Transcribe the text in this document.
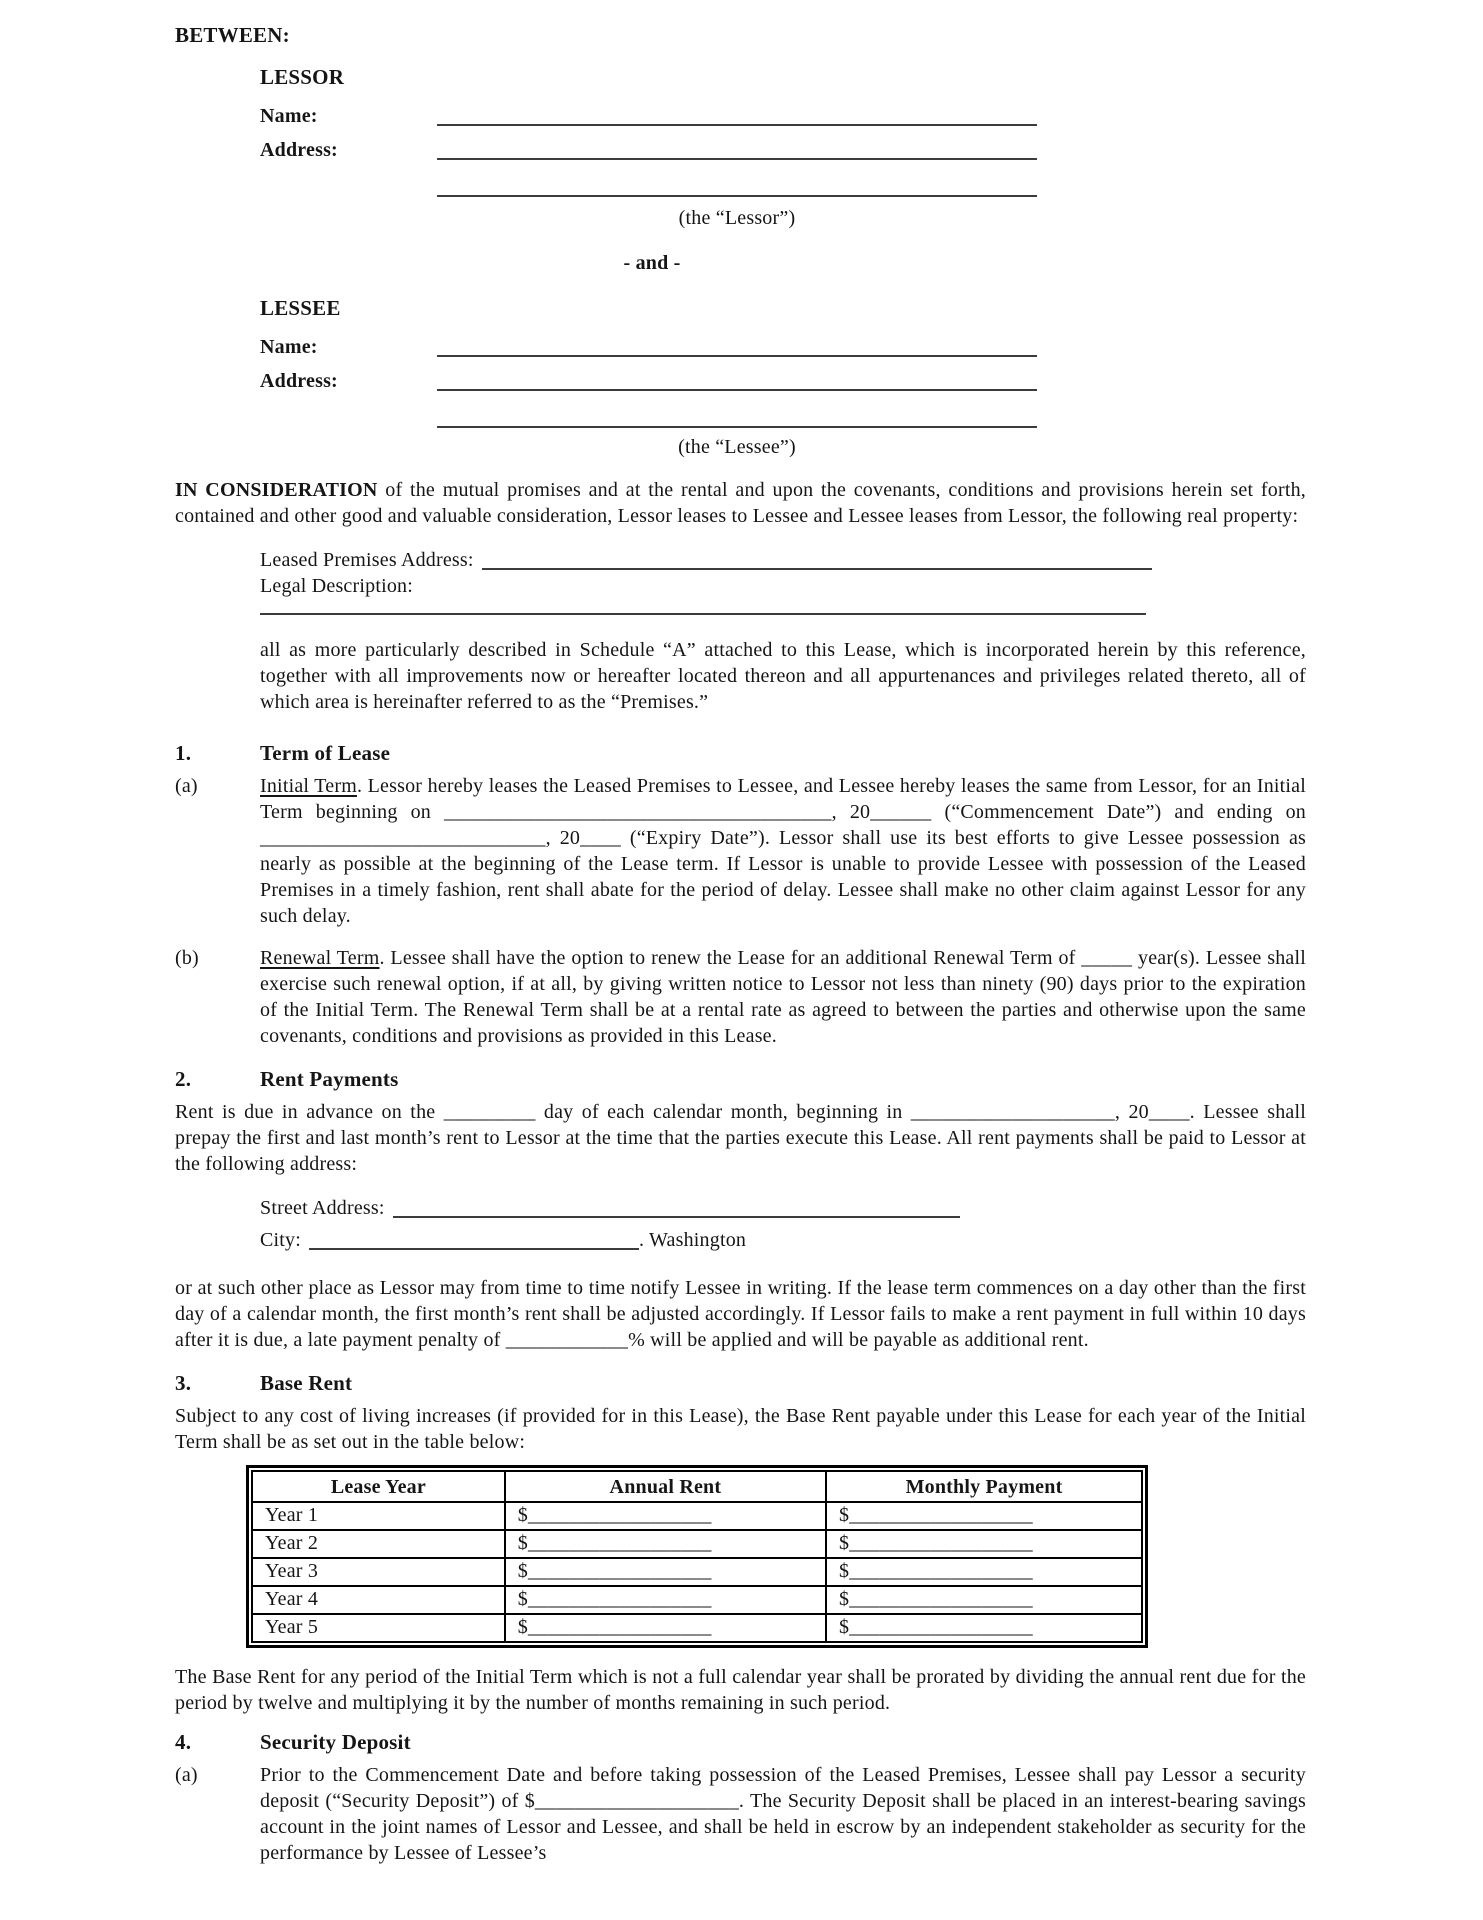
BETWEEN:
LESSOR
Name:
Address:
(the “Lessor”)
- and -
LESSEE
Name:
Address:
(the “Lessee”)

IN CONSIDERATION of the mutual promises and at the rental and upon the covenants, conditions and provisions herein set forth, contained and other good and valuable consideration, Lessor leases to Lessee and Lessee leases from Lessor, the following real property:

Leased Premises Address:
Legal Description:

all as more particularly described in Schedule “A” attached to this Lease, which is incorporated herein by this reference, together with all improvements now or hereafter located thereon and all appurtenances and privileges related thereto, all of which area is hereinafter referred to as the “Premises.”

1.	Term of Lease
(a)	Initial Term. Lessor hereby leases the Leased Premises to Lessee, and Lessee hereby leases the same from Lessor, for an Initial Term beginning on ______________________________________, 20______ (“Commencement Date”) and ending on ____________________________, 20____ (“Expiry Date”). Lessor shall use its best efforts to give Lessee possession as nearly as possible at the beginning of the Lease term. If Lessor is unable to provide Lessee with possession of the Leased Premises in a timely fashion, rent shall abate for the period of delay. Lessee shall make no other claim against Lessor for any such delay.
(b)	Renewal Term. Lessee shall have the option to renew the Lease for an additional Renewal Term of _____ year(s). Lessee shall exercise such renewal option, if at all, by giving written notice to Lessor not less than ninety (90) days prior to the expiration of the Initial Term. The Renewal Term shall be at a rental rate as agreed to between the parties and otherwise upon the same covenants, conditions and provisions as provided in this Lease.
2.	Rent Payments

Rent is due in advance on the _________ day of each calendar month, beginning in ____________________, 20____. Lessee shall prepay the first and last month’s rent to Lessor at the time that the parties execute this Lease. All rent payments shall be paid to Lessor at the following address:

Street Address:
City:	. Washington

or at such other place as Lessor may from time to time notify Lessee in writing. If the lease term commences on a day other than the first day of a calendar month, the first month’s rent shall be adjusted accordingly. If Lessor fails to make a rent payment in full within 10 days after it is due, a late payment penalty of ____________% will be applied and will be payable as additional rent.

3.	Base Rent

Subject to any cost of living increases (if provided for in this Lease), the Base Rent payable under this Lease for each year of the Initial Term shall be as set out in the table below:

Lease Year	Annual Rent	Monthly Payment
Year 1	$__________________	$__________________
Year 2	$__________________	$__________________
Year 3	$__________________	$__________________
Year 4	$__________________	$__________________
Year 5	$__________________	$__________________

The Base Rent for any period of the Initial Term which is not a full calendar year shall be prorated by dividing the annual rent due for the period by twelve and multiplying it by the number of months remaining in such period.

4.	Security Deposit
(a)	Prior to the Commencement Date and before taking possession of the Leased Premises, Lessee shall pay Lessor a security deposit (“Security Deposit”) of $____________________. The Security Deposit shall be placed in an interest-bearing savings account in the joint names of Lessor and Lessee, and shall be held in escrow by an independent stakeholder as security for the performance by Lessee of Lessee’s
